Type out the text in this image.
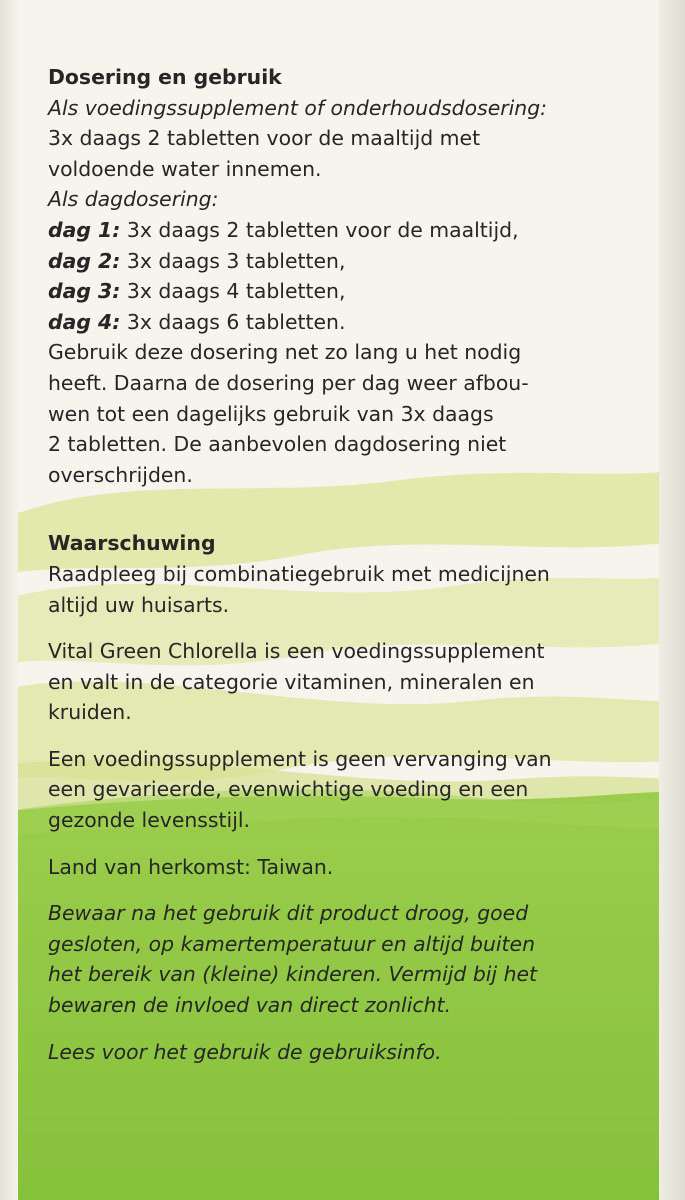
Dosering en gebruik

Als voedingssupplement of onderhoudsdosering:

3x daags 2 tabletten voor de maaltijd met

voldoende water innemen.

Als dagdosering:

dag 1: 3x daags 2 tabletten voor de maaltijd,

dag 2: 3x daags 3 tabletten,

dag 3: 3x daags 4 tabletten,

dag 4: 3x daags 6 tabletten.

Gebruik deze dosering net zo lang u het nodig

heeft. Daarna de dosering per dag weer afbou-

wen tot een dagelijks gebruik van 3x daags

2 tabletten. De aanbevolen dagdosering niet

overschrijden.

Waarschuwing

Raadpleeg bij combinatiegebruik met medicijnen

altijd uw huisarts.

Vital Green Chlorella is een voedingssupplement

en valt in de categorie vitaminen, mineralen en

kruiden.

Een voedingssupplement is geen vervanging van

een gevarieerde, evenwichtige voeding en een

gezonde levensstijl.

Land van herkomst: Taiwan.

Bewaar na het gebruik dit product droog, goed

gesloten, op kamertemperatuur en altijd buiten

het bereik van (kleine) kinderen. Vermijd bij het

bewaren de invloed van direct zonlicht.

Lees voor het gebruik de gebruiksinfo.
